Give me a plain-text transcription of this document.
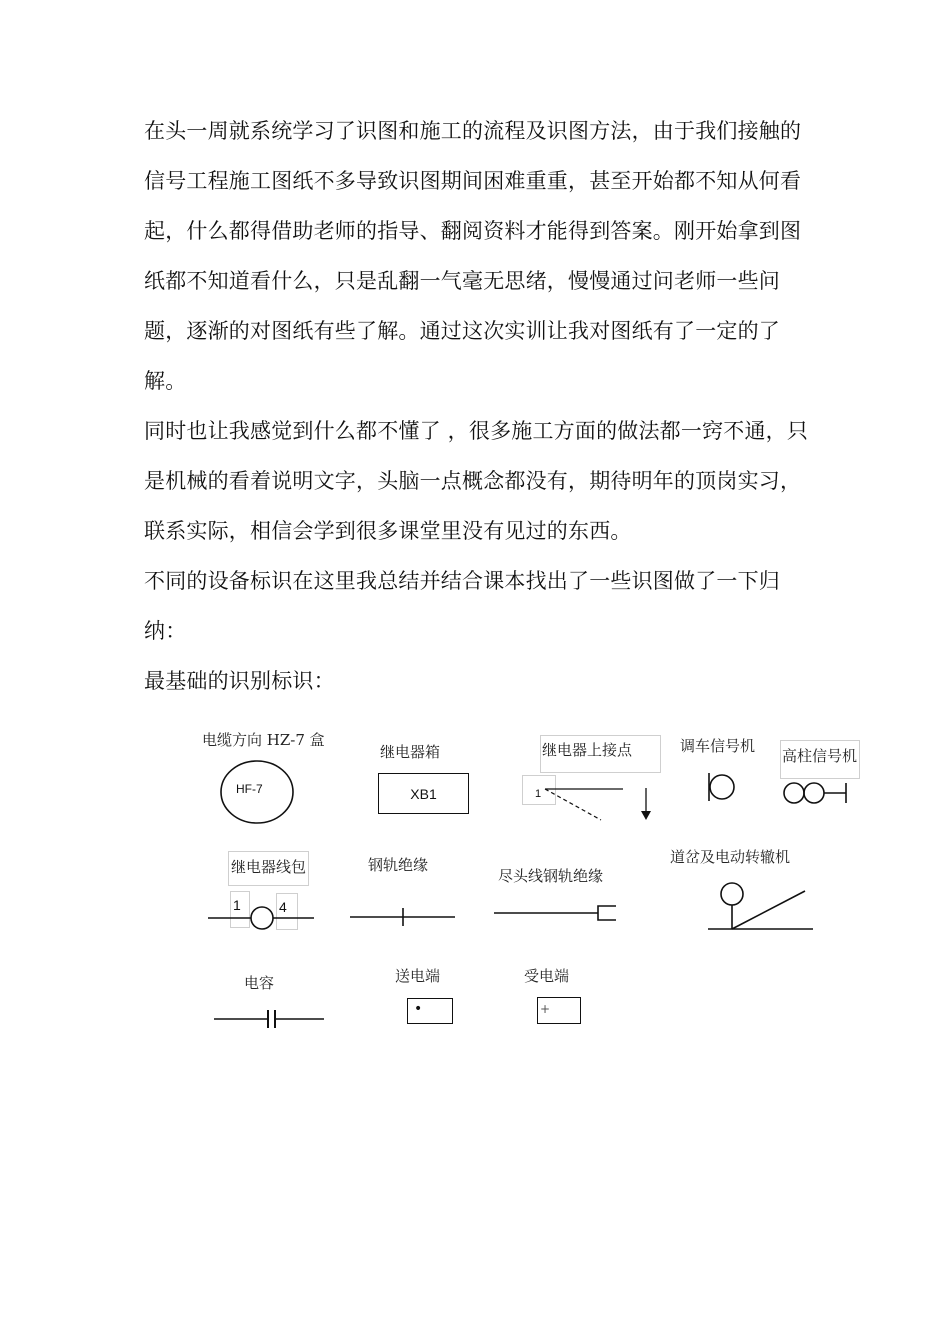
在头一周就系统学习了识图和施工的流程及识图方法，由于我们接触的信号工程施工图纸不多导致识图期间困难重重，甚至开始都不知从何看起，什么都得借助老师的指导、翻阅资料才能得到答案。刚开始拿到图纸都不知道看什么，只是乱翻一气毫无思绪，慢慢通过问老师一些问题，逐渐的对图纸有些了解。通过这次实训让我对图纸有了一定的了解。

同时也让我感觉到什么都不懂了 ，很多施工方面的做法都一窍不通，只是机械的看着说明文字，头脑一点概念都没有，期待明年的顶岗实习，联系实际，相信会学到很多课堂里没有见过的东西。

不同的设备标识在这里我总结并结合课本找出了一些识图做了一下归纳：

最基础的识别标识：

电缆方向 HZ-7 盒
HF-7
继电器箱
XB1
继电器上接点
1
调车信号机
高柱信号机
继电器线包
1	4
钢轨绝缘
尽头线钢轨绝缘
道岔及电动转辙机
电容	送电端
•
受电端
+
